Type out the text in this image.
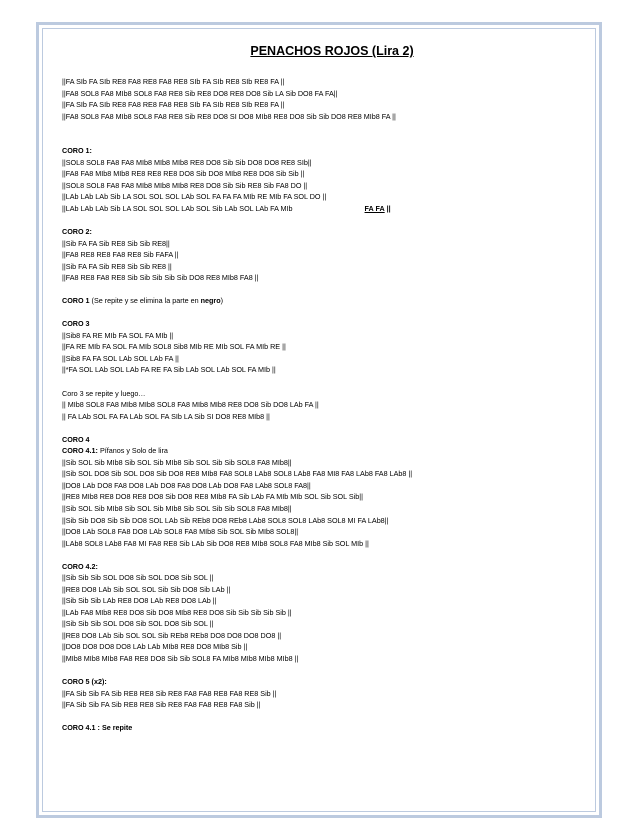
PENACHOS ROJOS (Lira 2)
||FA SIb FA SIb RE8 FA8 RE8 FA8 RE8 SIb FA SIb RE8 SIb RE8 FA ||
||FA8 SOL8 FA8 MIb8 SOL8 FA8 RE8 Sib RE8 DO8 RE8 DO8 Sib LA Sib DO8 FA FA||
||FA SIb FA SIb RE8 FA8 RE8 FA8 RE8 SIb FA SIb RE8 SIb RE8 FA ||
||FA8 SOL8 FA8 MIb8 SOL8 FA8 RE8 Sib RE8 DO8 SI DO8 MIb8 RE8 DO8 Sib Sib DO8 RE8 MIb8 FA ||
CORO 1:
||SOL8 SOL8 FA8 FA8 MIb8 MIb8 MIb8 RE8 DO8 Sib Sib DO8 DO8 RE8 SIb||
||FA8 FA8 MIb8 MIb8 RE8 RE8 RE8 DO8 Sib DO8 MIb8 RE8 DO8 Sib Sib ||
||SOL8 SOL8 FA8 FA8 MIb8 MIb8 MIb8 RE8 DO8 Sib Sib RE8 Sib FA8 DO ||
||LAb LAb LAb Sib LA SOL SOL SOL LAb SOL FA FA FA MIb RE MIb FA SOL DO ||
||LAb LAb LAb Sib LA SOL SOL SOL LAb SOL Sib LAb SOL LAb FA MIb	FA FA ||
CORO 2:
||Sib FA FA Sib RE8 Sib Sib RE8||
||FA8 RE8 RE8 FA8 RE8 Sib FAFA ||
||Sib FA FA Sib RE8 Sib Sib RE8 ||
||FA8 RE8 FA8 RE8 Sib Sib Sib Sib Sib DO8 RE8 MIb8 FA8 ||
CORO 1 (Se repite y se elimina la parte en negro)
CORO 3
||Sib8 FA RE MIb FA SOL FA MIb ||
||FA RE MIb FA SOL FA MIb SOL8 Sib8 MIb RE MIb SOL FA MIb RE ||
||Sib8 FA FA SOL LAb SOL LAb FA ||
||*FA SOL LAb SOL LAb FA RE FA Sib LAb SOL LAb SOL FA MIb ||
Coro 3 se repite y luego…
|| MIb8 SOL8 FA8 MIb8 MIb8 SOL8 FA8 MIb8 MIb8 RE8 DO8 Sib DO8 LAb FA ||
|| FA LAb SOL FA FA LAb SOL FA SIb LA Sib SI DO8 RE8 MIb8 ||
CORO 4
CORO 4.1: Pífanos y Solo de lira
||Sib SOL Sib MIb8 Sib SOL Sib MIb8 Sib SOL Sib Sib SOL8 FA8 MIb8||
||Sib SOL DO8 Sib SOL DO8 Sib DO8 RE8 MIb8 FA8 SOL8 LAb8 SOL8 LAb8 FA8 MI8 FA8 LAb8 FA8 LAb8 ||
||DO8 LAb DO8 FA8 DO8 LAb DO8 FA8 DO8 LAb DO8 FA8 LAb8 SOL8 FA8||
||RE8 MIb8 RE8 DO8 RE8 DO8 Sib DO8 RE8 MIb8 FA Sib LAb FA MIb MIb SOL Sib SOL Sib||
||Sib SOL Sib MIb8 Sib SOL Sib MIb8 Sib SOL Sib Sib SOL8 FA8 MIb8||
||Sib Sib DO8 Sib Sib DO8 SOL LAb Sib REb8 DO8 REb8 LAb8 SOL8 SOL8 LAb8 SOL8 MI FA LAb8||
||DO8 LAb SOL8 FA8 DO8 LAb SOL8 FA8 MIb8 Sib SOL Sib MIb8 SOL8||
||LAb8 SOL8 LAb8 FA8 MI FA8 RE8 Sib LAb Sib DO8 RE8 MIb8 SOL8 FA8 MIb8 Sib SOL MIb ||
CORO 4.2:
||Sib Sib Sib SOL DO8 Sib SOL DO8 Sib SOL ||
||RE8 DO8 LAb Sib SOL SOL Sib Sib DO8 Sib LAb ||
||Sib Sib Sib LAb RE8 DO8 LAb RE8 DO8 LAb ||
||LAb FA8 MIb8 RE8 DO8 Sib DO8 MIb8 RE8 DO8 Sib Sib Sib Sib Sib ||
||Sib Sib Sib SOL DO8 Sib SOL DO8 Sib SOL ||
||RE8 DO8 LAb Sib SOL SOL Sib REb8 REb8 DO8 DO8 DO8 DO8 ||
||DO8 DO8 DO8 DO8 LAb LAb MIb8 RE8 DO8 MIb8 Sib ||
||MIb8 MIb8 MIb8 FA8 RE8 DO8 Sib Sib SOL8 FA MIb8 MIb8 MIb8 MIb8 ||
CORO 5 (x2):
||FA Sib Sib FA Sib RE8 RE8 Sib RE8 FA8 FA8 RE8 FA8 RE8 Sib ||
||FA Sib Sib FA Sib RE8 RE8 Sib RE8 FA8 FA8 RE8 FA8 Sib ||
CORO 4.1 : Se repite
